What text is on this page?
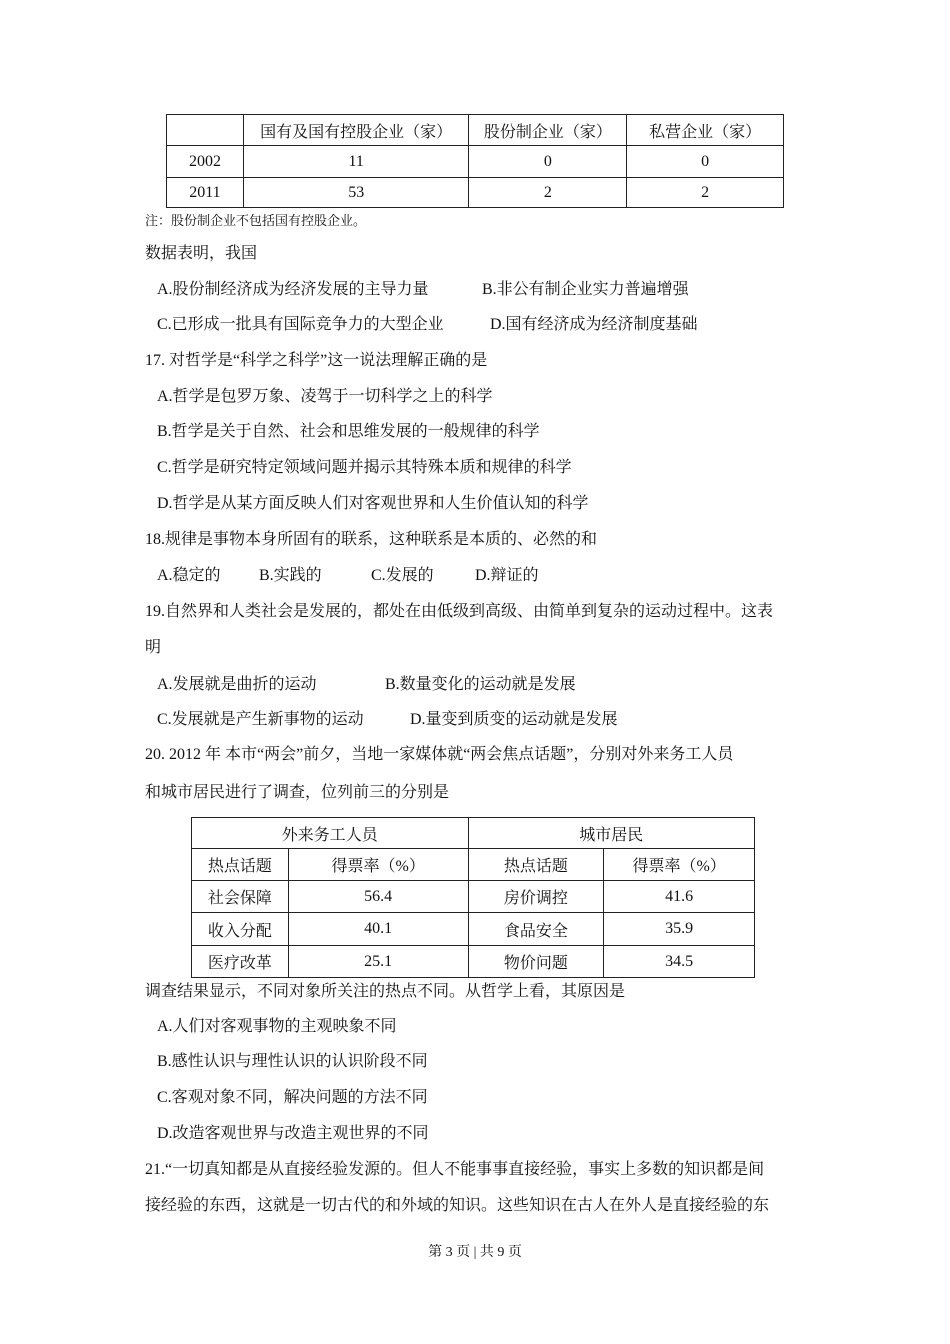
	国有及国有控股企业（家）	股份制企业（家）	私营企业（家）
2002	11	0	0
2011	53	2	2
注：股份制企业不包括国有控股企业。
数据表明，我国
A.股份制经济成为经济发展的主导力量	B.非公有制企业实力普遍增强
C.已形成一批具有国际竞争力的大型企业	D.国有经济成为经济制度基础
17. 对哲学是“科学之科学”这一说法理解正确的是
A.哲学是包罗万象、凌驾于一切科学之上的科学
B.哲学是关于自然、社会和思维发展的一般规律的科学
C.哲学是研究特定领域问题并揭示其特殊本质和规律的科学
D.哲学是从某方面反映人们对客观世界和人生价值认知的科学
18.规律是事物本身所固有的联系，这种联系是本质的、必然的和
A.稳定的 B.实践的	C.发展的	D.辩证的
19.自然界和人类社会是发展的，都处在由低级到高级、由简单到复杂的运动过程中。这表
明
A.发展就是曲折的运动	B.数量变化的运动就是发展
C.发展就是产生新事物的运动	D.量变到质变的运动就是发展
20. 2012 年 本市“两会”前夕，当地一家媒体就“两会焦点话题”，分别对外来务工人员
和城市居民进行了调查，位列前三的分别是
外来务工人员		城市居民	
热点话题	得票率（%）	热点话题	得票率（%）
社会保障	56.4	房价调控	41.6
收入分配	40.1	食品安全	35.9
医疗改革	25.1	物价问题	34.5
调查结果显示，不同对象所关注的热点不同。从哲学上看，其原因是
A.人们对客观事物的主观映象不同
B.感性认识与理性认识的认识阶段不同
C.客观对象不同，解决问题的方法不同
D.改造客观世界与改造主观世界的不同
21.“一切真知都是从直接经验发源的。但人不能事事直接经验，事实上多数的知识都是间
接经验的东西，这就是一切古代的和外域的知识。这些知识在古人在外人是直接经验的东
第 3 页 | 共 9 页
